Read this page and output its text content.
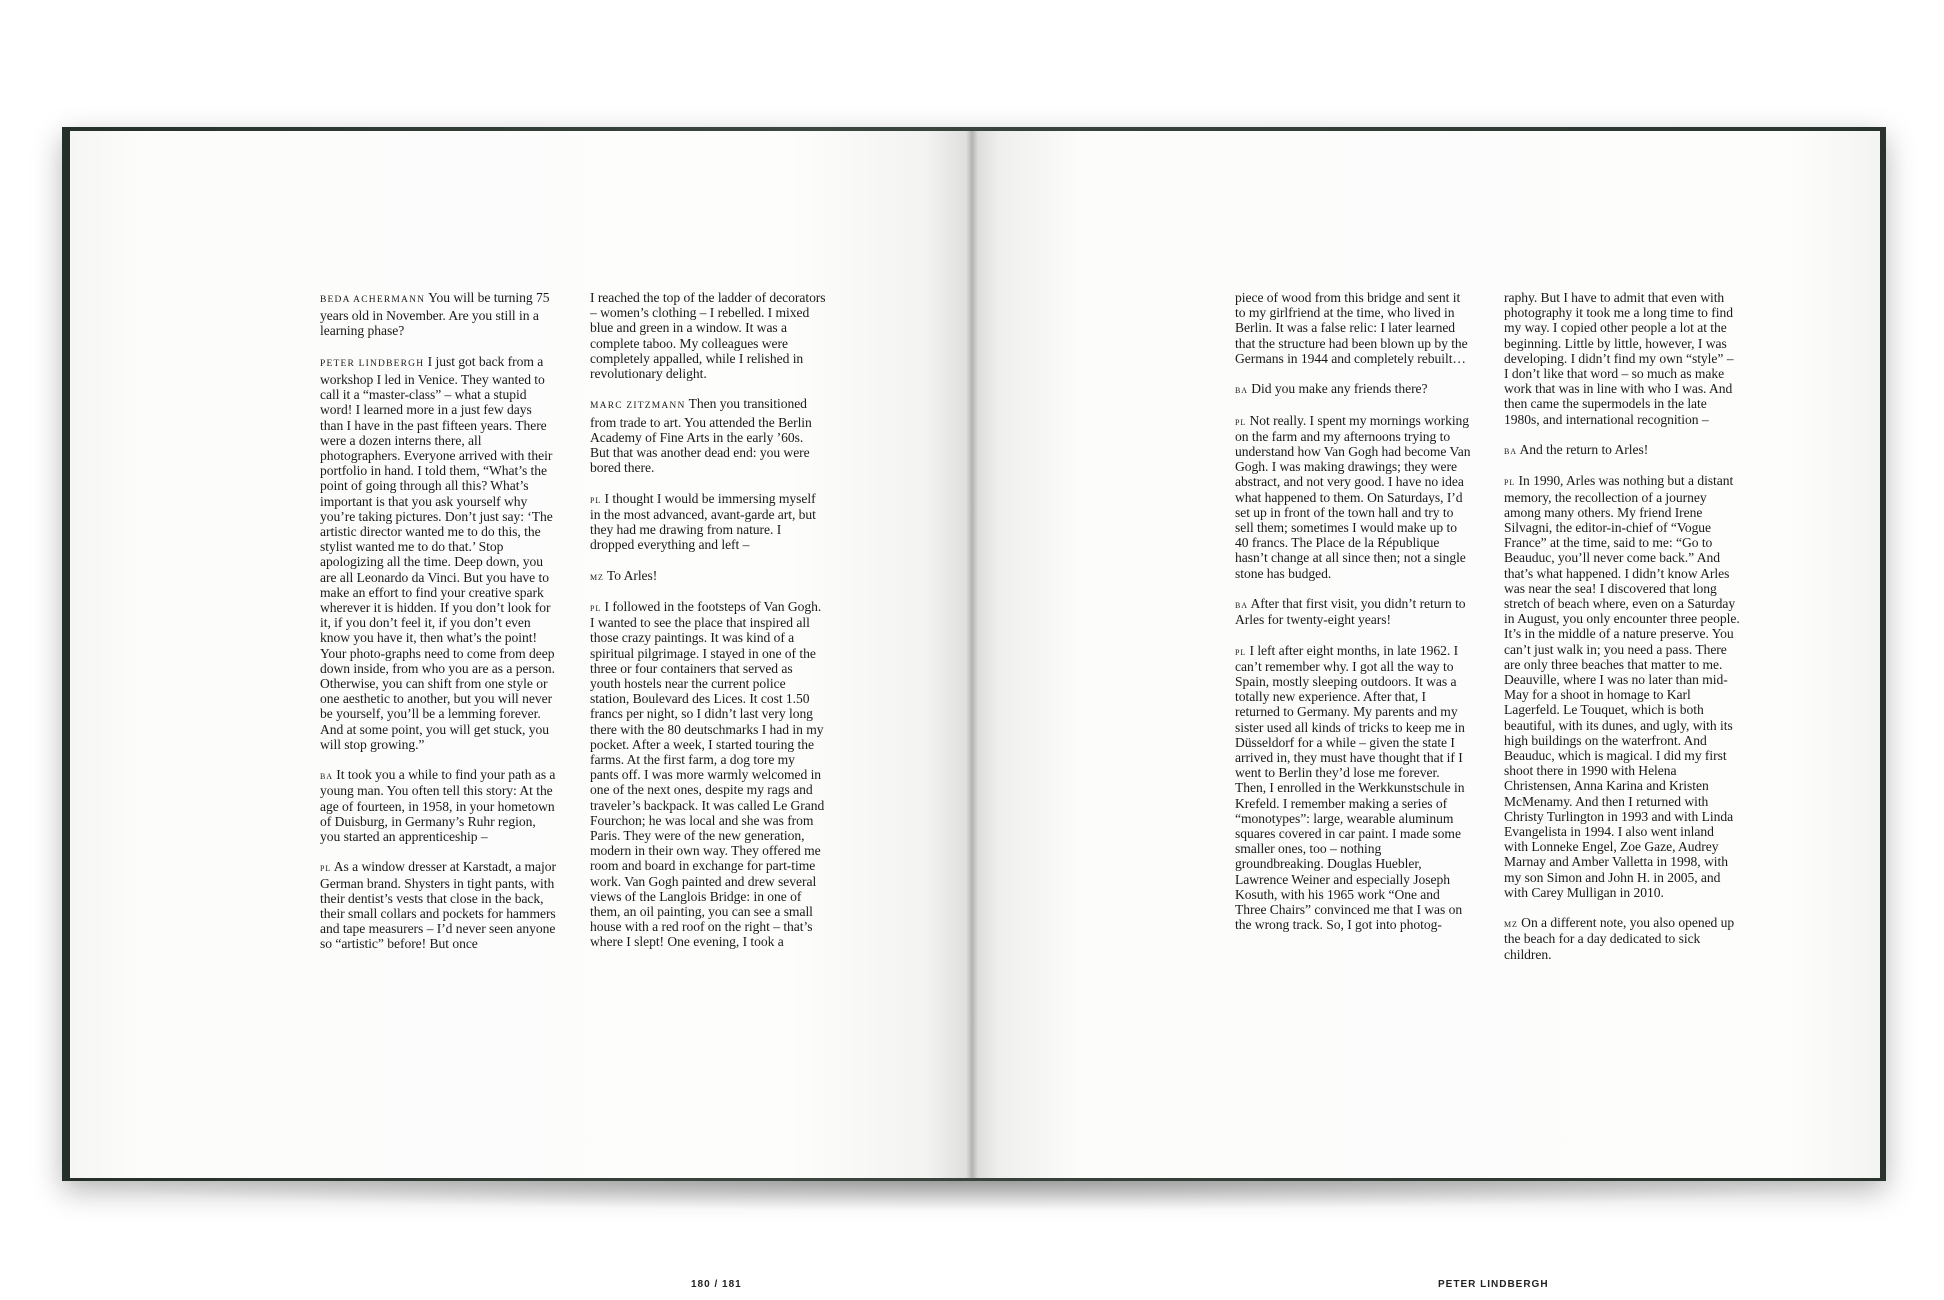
BEDA ACHERMANN You will be turning 75 years old in November. Are you still in a learning phase?

PETER LINDBERGH I just got back from a workshop I led in Venice. They wanted to call it a “master-class” – what a stupid word! I learned more in a just few days than I have in the past fifteen years. There were a dozen interns there, all photographers. Everyone arrived with their portfolio in hand. I told them, “What’s the point of going through all this? What’s important is that you ask yourself why you’re taking pictures. Don’t just say: ‘The artistic director wanted me to do this, the stylist wanted me to do that.’ Stop apologizing all the time. Deep down, you are all Leonardo da Vinci. But you have to make an effort to find your creative spark wherever it is hidden. If you don’t look for it, if you don’t feel it, if you don’t even know you have it, then what’s the point! Your photo-graphs need to come from deep down inside, from who you are as a person. Otherwise, you can shift from one style or one aesthetic to another, but you will never be yourself, you’ll be a lemming forever. And at some point, you will get stuck, you will stop growing.”

ba It took you a while to find your path as a young man. You often tell this story: At the age of fourteen, in 1958, in your hometown of Duisburg, in Germany’s Ruhr region, you started an apprenticeship –

pl As a window dresser at Karstadt, a major German brand. Shysters in tight pants, with their dentist’s vests that close in the back, their small collars and pockets for hammers and tape measurers – I’d never seen anyone so “artistic” before! But once

I reached the top of the ladder of decorators – women’s clothing – I rebelled. I mixed blue and green in a window. It was a complete taboo. My colleagues were completely appalled, while I relished in revolutionary delight.

MARC ZITZMANN Then you transitioned from trade to art. You attended the Berlin Academy of Fine Arts in the early ’60s. But that was another dead end: you were bored there.

pl I thought I would be immersing myself in the most advanced, avant-garde art, but they had me drawing from nature. I dropped everything and left –

mz To Arles!

pl I followed in the footsteps of Van Gogh. I wanted to see the place that inspired all those crazy paintings. It was kind of a spiritual pilgrimage. I stayed in one of the three or four containers that served as youth hostels near the current police station, Boulevard des Lices. It cost 1.50 francs per night, so I didn’t last very long there with the 80 deutschmarks I had in my pocket. After a week, I started touring the farms. At the first farm, a dog tore my pants off. I was more warmly welcomed in one of the next ones, despite my rags and traveler’s backpack. It was called Le Grand Fourchon; he was local and she was from Paris. They were of the new generation, modern in their own way. They offered me room and board in exchange for part-time work. Van Gogh painted and drew several views of the Langlois Bridge: in one of them, an oil painting, you can see a small house with a red roof on the right – that’s where I slept! One evening, I took a

180 / 181

piece of wood from this bridge and sent it to my girlfriend at the time, who lived in Berlin. It was a false relic: I later learned that the structure had been blown up by the Germans in 1944 and completely rebuilt…

ba Did you make any friends there?

pl Not really. I spent my mornings working on the farm and my afternoons trying to understand how Van Gogh had become Van Gogh. I was making drawings; they were abstract, and not very good. I have no idea what happened to them. On Saturdays, I’d set up in front of the town hall and try to sell them; sometimes I would make up to 40 francs. The Place de la République hasn’t change at all since then; not a single stone has budged.

ba After that first visit, you didn’t return to Arles for twenty-eight years!

pl I left after eight months, in late 1962. I can’t remember why. I got all the way to Spain, mostly sleeping outdoors. It was a totally new experience. After that, I returned to Germany. My parents and my sister used all kinds of tricks to keep me in Düsseldorf for a while – given the state I arrived in, they must have thought that if I went to Berlin they’d lose me forever. Then, I enrolled in the Werkkunstschule in Krefeld. I remember making a series of “monotypes”: large, wearable aluminum squares covered in car paint. I made some smaller ones, too – nothing groundbreaking. Douglas Huebler, Lawrence Weiner and especially Joseph Kosuth, with his 1965 work “One and Three Chairs” convinced me that I was on the wrong track. So, I got into photog-

raphy. But I have to admit that even with photography it took me a long time to find my way. I copied other people a lot at the beginning. Little by little, however, I was developing. I didn’t find my own “style” – I don’t like that word – so much as make work that was in line with who I was. And then came the supermodels in the late 1980s, and international recognition –

ba And the return to Arles!

pl In 1990, Arles was nothing but a distant memory, the recollection of a journey among many others. My friend Irene Silvagni, the editor-in-chief of “Vogue France” at the time, said to me: “Go to Beauduc, you’ll never come back.” And that’s what happened. I didn’t know Arles was near the sea! I discovered that long stretch of beach where, even on a Saturday in August, you only encounter three people. It’s in the middle of a nature preserve. You can’t just walk in; you need a pass. There are only three beaches that matter to me. Deauville, where I was no later than mid-May for a shoot in homage to Karl Lagerfeld. Le Touquet, which is both beautiful, with its dunes, and ugly, with its high buildings on the waterfront. And Beauduc, which is magical. I did my first shoot there in 1990 with Helena Christensen, Anna Karina and Kristen McMenamy. And then I returned with Christy Turlington in 1993 and with Linda Evangelista in 1994. I also went inland with Lonneke Engel, Zoe Gaze, Audrey Marnay and Amber Valletta in 1998, with my son Simon and John H. in 2005, and with Carey Mulligan in 2010.

mz On a different note, you also opened up the beach for a day dedicated to sick children.

PETER LINDBERGH
